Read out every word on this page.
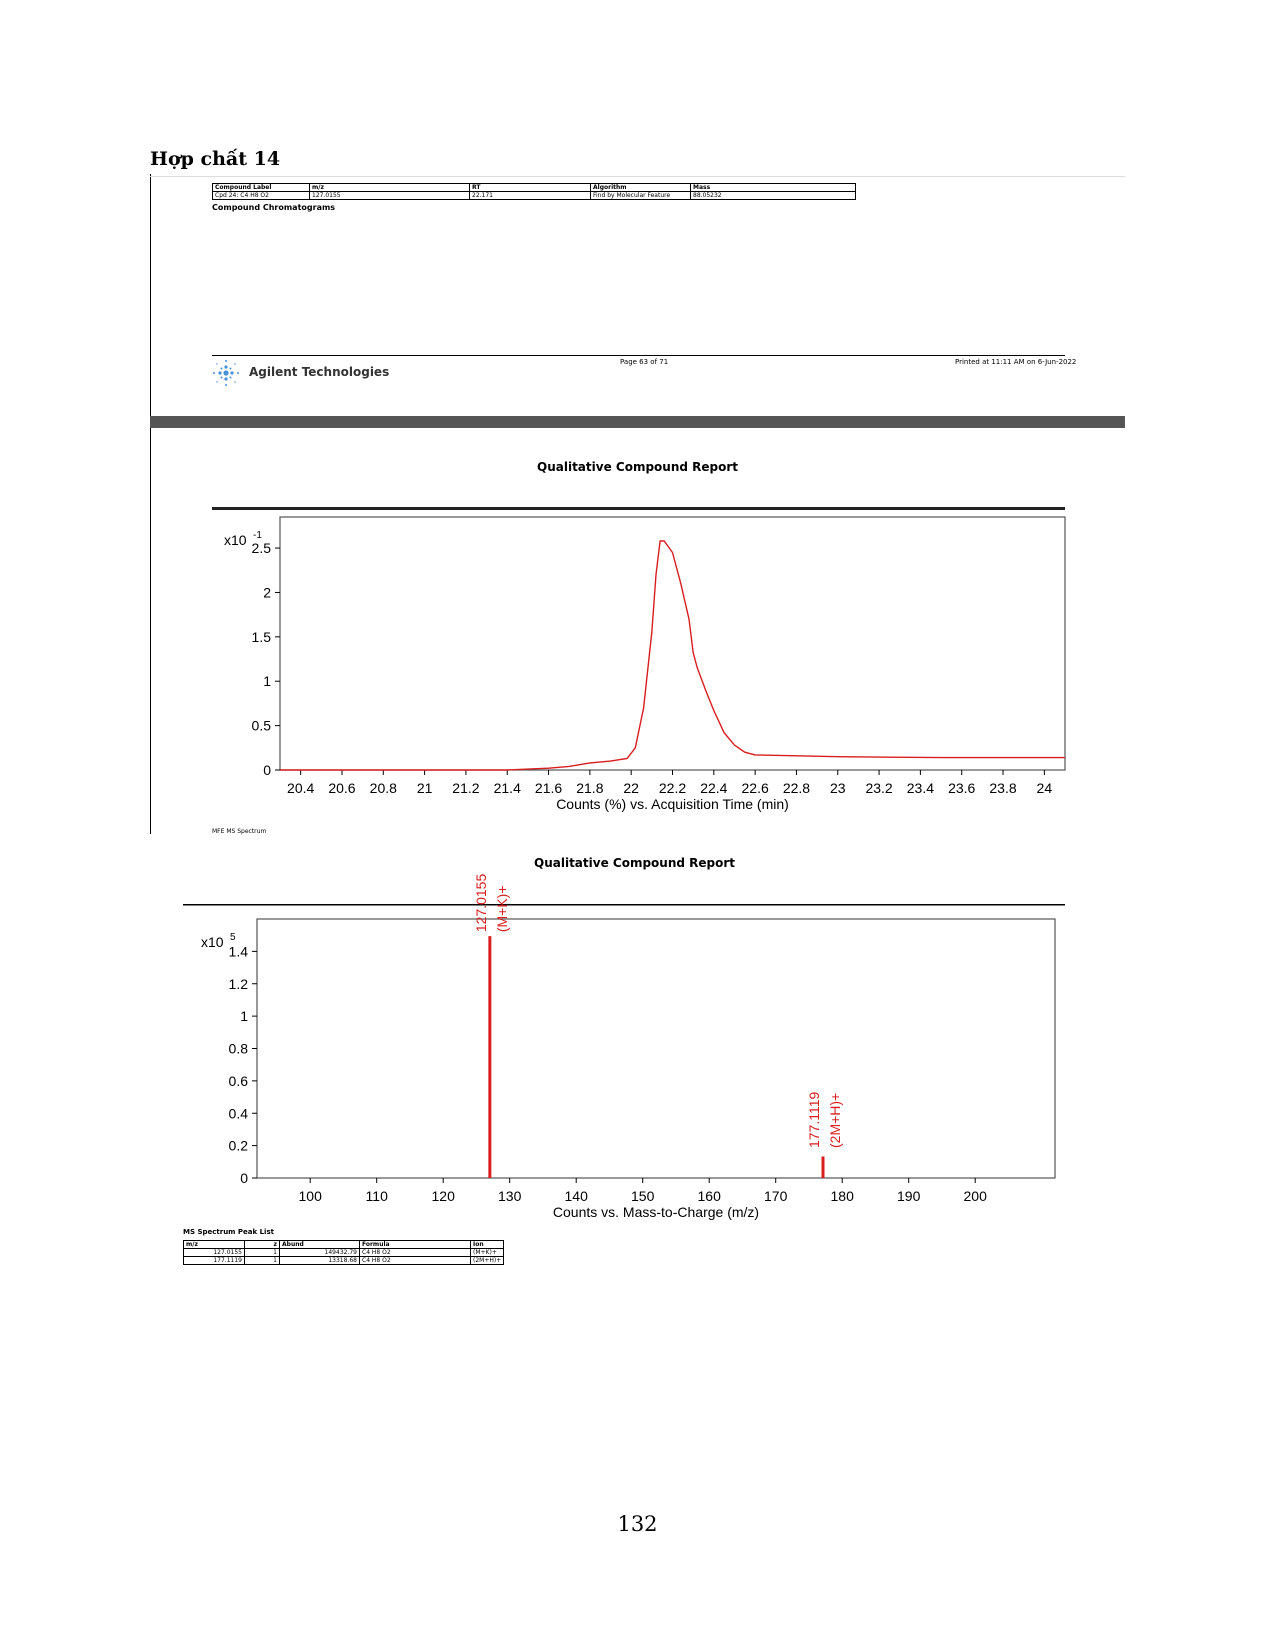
Hợp chất 14
Compound Label	m/z	RT	Algorithm	Mass
Cpd 24: C4 H8 O2	127.0155	22.171	Find by Molecular Feature	88.05232
Compound Chromatograms
Page 63 of 71	Printed at 11:11 AM on 6-Jun-2022
Agilent Technologies
Qualitative Compound Report
0
0.5
1
1.5
2
2.5
20.4 20.6 20.8 21 21.2 21.4 21.6 21.8 22 22.2 22.4 22.6 22.8 23 23.2 23.4 23.6 23.8 24
Counts (%) vs. Acquisition Time (min)
x10 -1
0
0.2
0.4
0.6
0.8
1
1.2
1.4
100	110	120	130	140	150	160	170	180	190	200
Counts vs. Mass-to-Charge (m/z)
x10 5
127.0155 (M+K)+
177.1119 (2M+H)+
MFE MS Spectrum
Qualitative Compound Report
MS Spectrum Peak List
m/z	z	Abund	Formula	Ion
127.0155	1	149432.79	C4 H8 O2	(M+K)+
177.1119	1	13318.68	C4 H8 O2	(2M+H)+
132
